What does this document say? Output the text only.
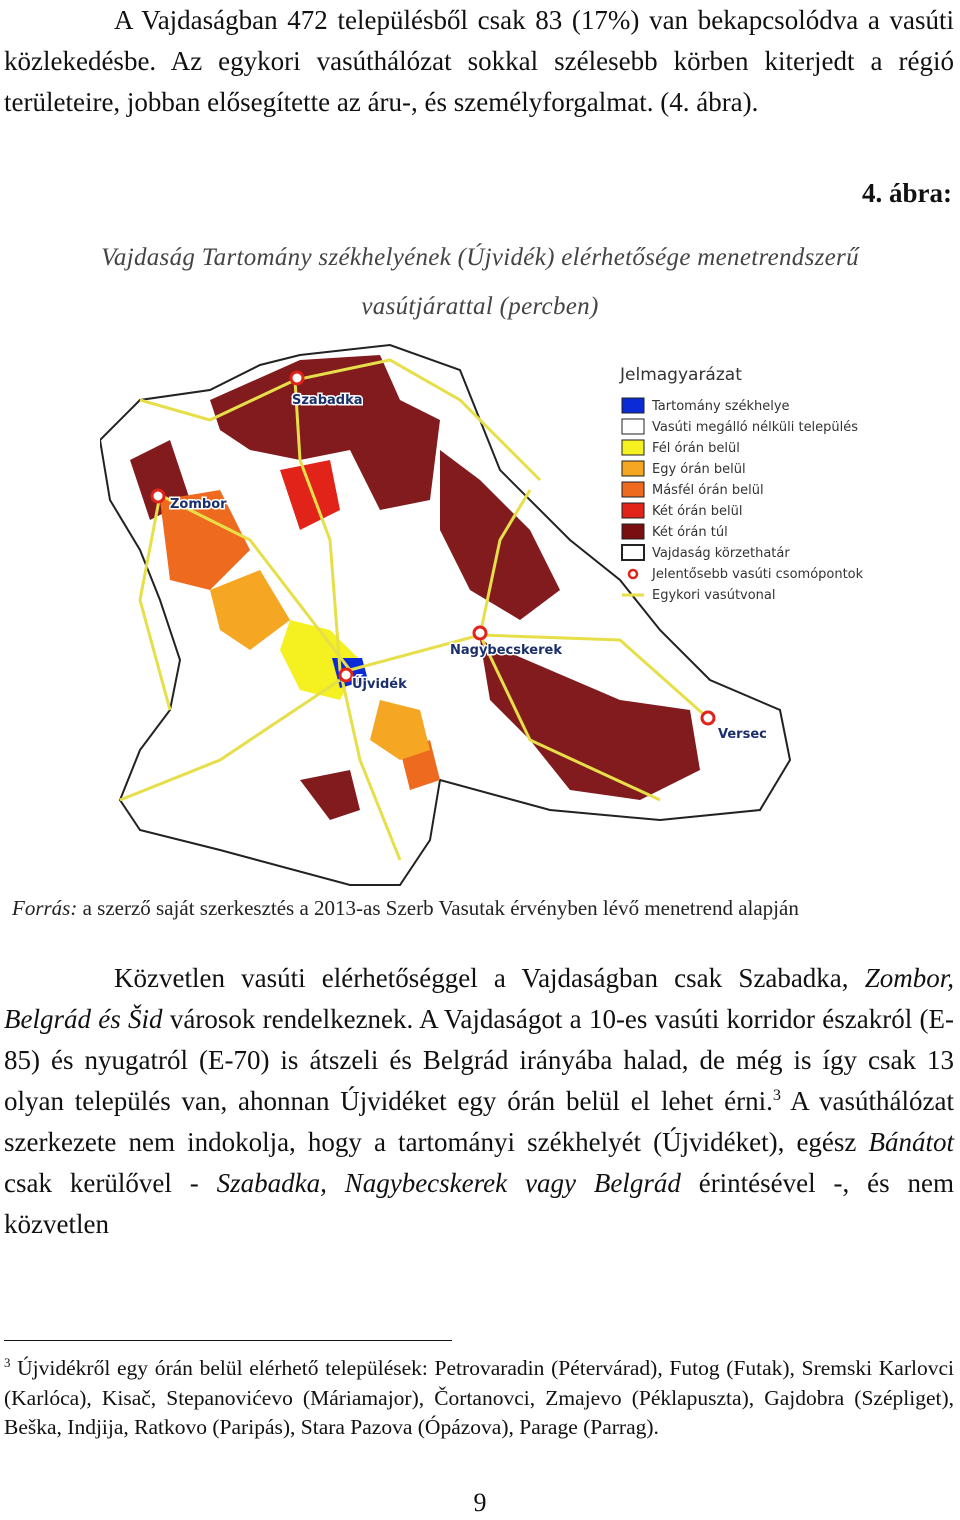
A Vajdaságban 472 településből csak 83 (17%) van bekapcsolódva a vasúti közlekedésbe. Az egykori vasúthálózat sokkal szélesebb körben kiterjedt a régió területeire, jobban elősegítette az áru-, és személyforgalmat. (4. ábra).

4. ábra:

Vajdaság Tartomány székhelyének (Újvidék) elérhetősége menetrendszerű

vasútjárattal (percben)

Szabadka
Zombor
Nagybecskerek
Újvidék
Versec
Jelmagyarázat
Tartomány székhelye
Vasúti megálló nélküli település
Fél órán belül
Egy órán belül
Másfél órán belül
Két órán belül
Két órán túl
Vajdaság körzethatár
Jelentősebb vasúti csomópontok
Egykori vasútvonal

Forrás: a szerző saját szerkesztés a 2013-as Szerb Vasutak érvényben lévő menetrend alapján

Közvetlen vasúti elérhetőséggel a Vajdaságban csak Szabadka, Zombor, Belgrád és Šid városok rendelkeznek. A Vajdaságot a 10-es vasúti korridor északról (E-85) és nyugatról (E-70) is átszeli és Belgrád irányába halad, de még is így csak 13 olyan település van, ahonnan Újvidéket egy órán belül el lehet érni.$^3$ A vasúthálózat szerkezete nem indokolja, hogy a tartományi székhelyét (Újvidéket), egész Bánátot csak kerülővel - Szabadka, Nagybecskerek vagy Belgrád érintésével -, és nem közvetlen

$^3$ Újvidékről egy órán belül elérhető települések: Petrovaradin (Pétervárad), Futog (Futak), Sremski Karlovci (Karlóca), Kisač, Stepanovićevo (Máriamajor), Čortanovci, Zmajevo (Péklapuszta), Gajdobra (Szépliget), Beška, Indjija, Ratkovo (Paripás), Stara Pazova (Ópázova), Parage (Parrag).

9
